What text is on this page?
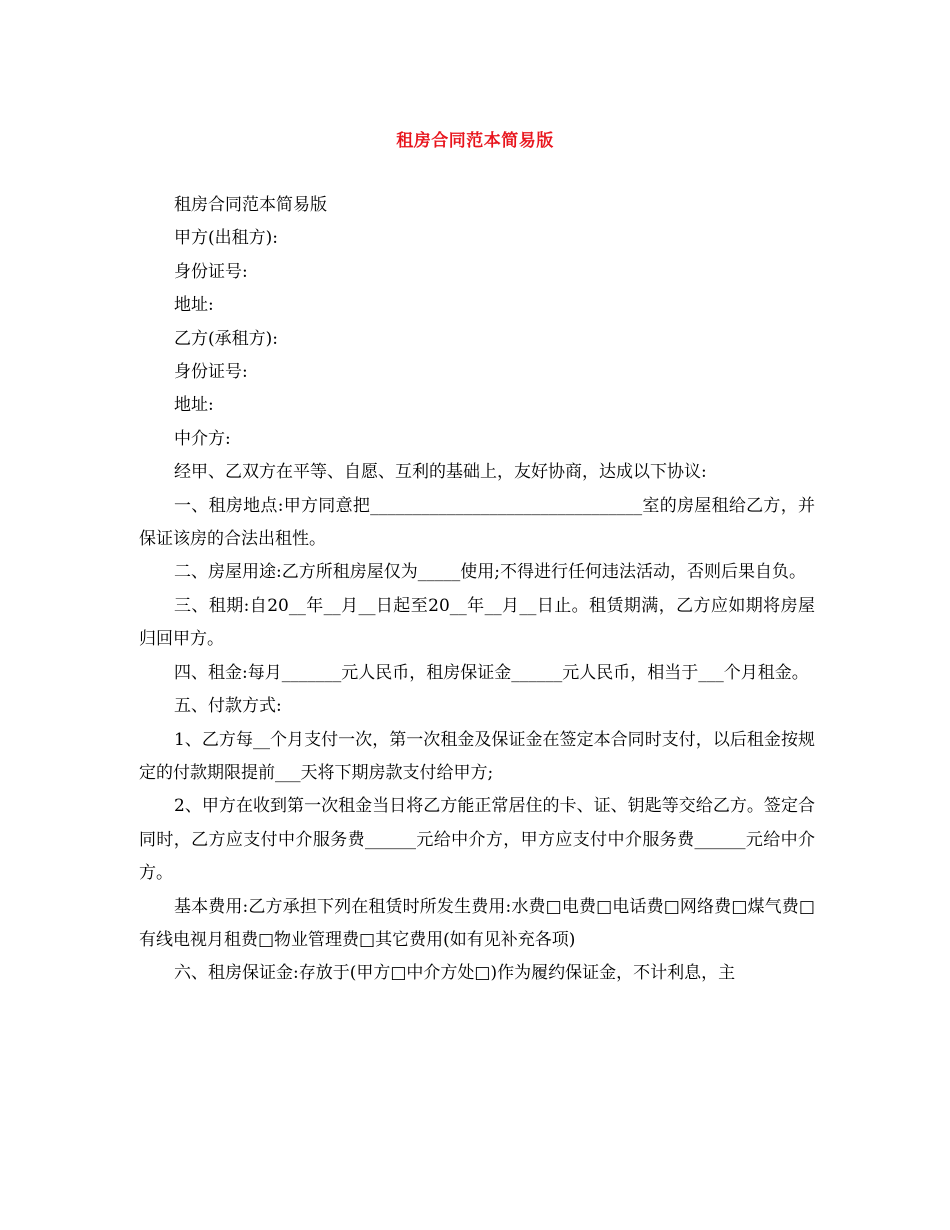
租房合同范本简易版

租房合同范本简易版

甲方(出租方):

身份证号:

地址:

乙方(承租方):

身份证号:

地址:

中介方:

经甲、乙双方在平等、自愿、互利的基础上，友好协商，达成以下协议:

一、租房地点:甲方同意把________________________________室的房屋租给乙方，并保证该房的合法出租性。

二、房屋用途:乙方所租房屋仅为_____使用;不得进行任何违法活动，否则后果自负。

三、租期:自20__年__月__日起至20__年__月__日止。租赁期满，乙方应如期将房屋归回甲方。

四、租金:每月_______元人民币，租房保证金______元人民币，相当于___个月租金。

五、付款方式:

1、乙方每__个月支付一次，第一次租金及保证金在签定本合同时支付，以后租金按规定的付款期限提前___天将下期房款支付给甲方;

2、甲方在收到第一次租金当日将乙方能正常居住的卡、证、钥匙等交给乙方。签定合同时，乙方应支付中介服务费______元给中介方，甲方应支付中介服务费______元给中介方。

基本费用:乙方承担下列在租赁时所发生费用:水费□电费□电话费□网络费□煤气费□有线电视月租费□物业管理费□其它费用(如有见补充各项)

六、租房保证金:存放于(甲方□中介方处□)作为履约保证金，不计利息，主
